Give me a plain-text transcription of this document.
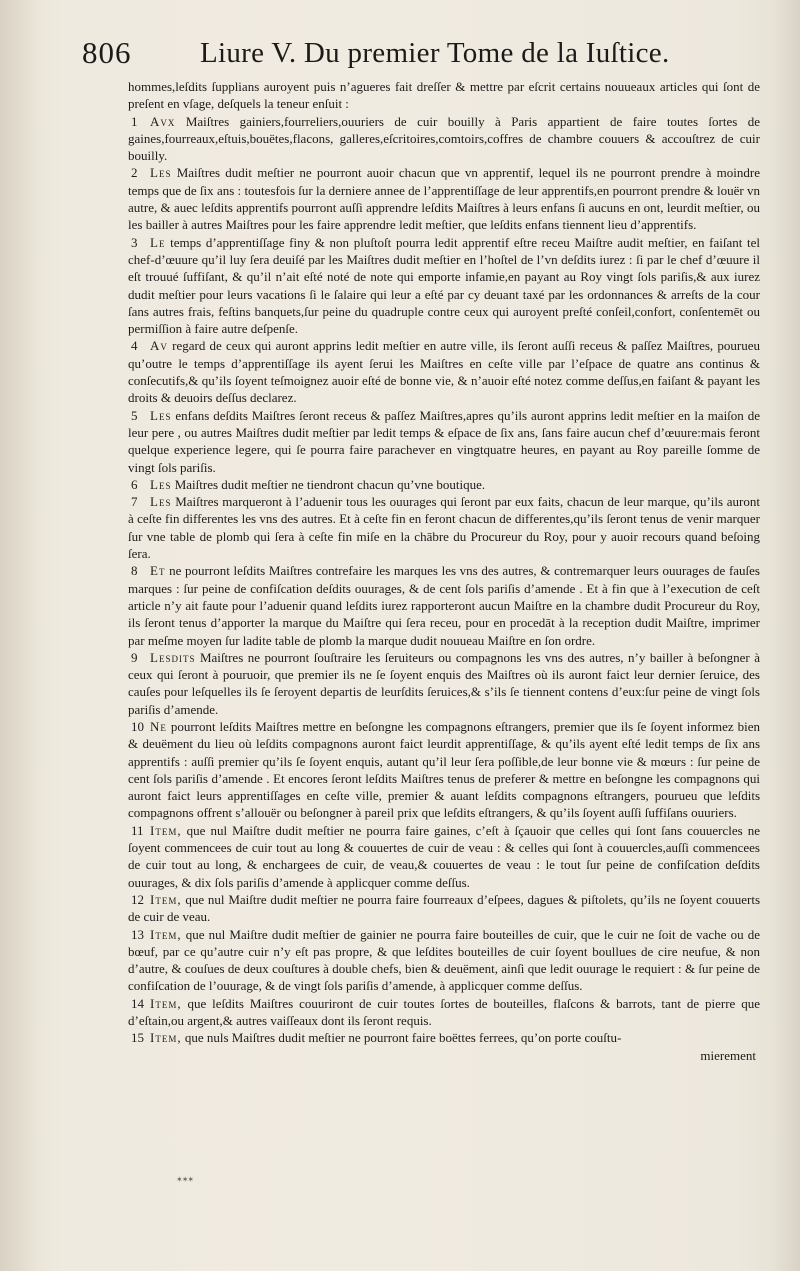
806 Liure V. Du premier Tome de la Iuſtice.

hommes,leſdits ſupplians auroyent puis n’agueres fait dreſſer & mettre par eſcrit certains nouueaux articles qui ſont de preſent en vſage, deſquels la teneur enſuit :

1 Avx Maiſtres gainiers,fourreliers,ouuriers de cuir bouilly à Paris appartient de faire toutes ſortes de gaines,fourreaux,eſtuis,bouëtes,flacons, galleres,eſcritoires,comtoirs,coffres de chambre couuers & accouſtrez de cuir bouilly.

2 Les Maiſtres dudit meſtier ne pourront auoir chacun que vn apprentif, lequel ils ne pourront prendre à moindre temps que de ſix ans : toutesfois ſur la derniere annee de l’apprentiſſage de leur apprentifs,en pourront prendre & louër vn autre, & auec leſdits apprentifs pourront auſſi apprendre leſdits Maiſtres à leurs enfans ſi aucuns en ont, leurdit meſtier, ou les bailler à autres Maiſtres pour les faire apprendre ledit meſtier, que leſdits enfans tiennent lieu d’apprentifs.

3 Le temps d’apprentiſſage finy & non pluſtoſt pourra ledit apprentif eſtre receu Maiſtre audit meſtier, en faiſant tel chef-d’œuure qu’il luy ſera deuiſé par les Maiſtres dudit meſtier en l’hoſtel de l’vn deſdits iurez : ſi par le chef d’œuure il eſt trouué ſuffiſant, & qu’il n’ait eſté noté de note qui emporte infamie,en payant au Roy vingt ſols pariſis,& aux iurez dudit meſtier pour leurs vacations ſi le ſalaire qui leur a eſté par cy deuant taxé par les ordonnances & arreſts de la cour ſans autres frais, feſtins banquets,ſur peine du quadruple contre ceux qui auroyent preſté conſeil,confort, conſentemēt ou permiſſion à faire autre deſpenſe.

4 Av regard de ceux qui auront apprins ledit meſtier en autre ville, ils ſeront auſſi receus & paſſez Maiſtres, pourueu qu’outre le temps d’apprentiſſage ils ayent ſerui les Maiſtres en ceſte ville par l’eſpace de quatre ans continus & conſecutifs,& qu’ils ſoyent teſmoignez auoir eſté de bonne vie, & n’auoir eſté notez comme deſſus,en faiſant & payant les droits & deuoirs deſſus declarez.

5 Les enfans deſdits Maiſtres ſeront receus & paſſez Maiſtres,apres qu’ils auront apprins ledit meſtier en la maiſon de leur pere , ou autres Maiſtres dudit meſtier par ledit temps & eſpace de ſix ans, ſans faire aucun chef d’œuure:mais feront quelque experience legere, qui ſe pourra faire parachever en vingtquatre heures, en payant au Roy pareille ſomme de vingt ſols pariſis.

6 Les Maiſtres dudit meſtier ne tiendront chacun qu’vne boutique.

7 Les Maiſtres marqueront à l’aduenir tous les ouurages qui ſeront par eux faits, chacun de leur marque, qu’ils auront à ceſte fin differentes les vns des autres. Et à ceſte fin en feront chacun de differentes,qu’ils ſeront tenus de venir marquer ſur vne table de plomb qui ſera à ceſte fin miſe en la chābre du Procureur du Roy, pour y auoir recours quand beſoing ſera.

8 Et ne pourront leſdits Maiſtres contrefaire les marques les vns des autres, & contremarquer leurs ouurages de fauſes marques : ſur peine de confiſcation deſdits ouurages, & de cent ſols pariſis d’amende . Et à fin que à l’execution de ceſt article n’y ait faute pour l’aduenir quand leſdits iurez rapporteront aucun Maiſtre en la chambre dudit Procureur du Roy, ils ſeront tenus d’apporter la marque du Maiſtre qui ſera receu, pour en procedāt à la reception dudit Maiſtre, imprimer par meſme moyen ſur ladite table de plomb la marque dudit nouueau Maiſtre en ſon ordre.

9 Lesdits Maiſtres ne pourront ſouſtraire les ſeruiteurs ou compagnons les vns des autres, n’y bailler à beſongner à ceux qui ſeront à pouruoir, que premier ils ne ſe ſoyent enquis des Maiſtres où ils auront faict leur dernier ſeruice, des cauſes pour leſquelles ils ſe ſeroyent departis de leurſdits ſeruices,& s’ils ſe tiennent contens d’eux:ſur peine de vingt ſols pariſis d’amende.

10 Ne pourront leſdits Maiſtres mettre en beſongne les compagnons eſtrangers, premier que ils ſe ſoyent informez bien & deuëment du lieu où leſdits compagnons auront faict leurdit apprentiſſage, & qu’ils ayent eſté ledit temps de ſix ans apprentifs : auſſi premier qu’ils ſe ſoyent enquis, autant qu’il leur ſera poſſible,de leur bonne vie & mœurs : ſur peine de cent ſols pariſis d’amende . Et encores ſeront leſdits Maiſtres tenus de preferer & mettre en beſongne les compagnons qui auront faict leurs apprentiſſages en ceſte ville, premier & auant leſdits compagnons eſtrangers, pourueu que leſdits compagnons offrent s’allouër ou beſongner à pareil prix que leſdits eſtrangers, & qu’ils ſoyent auſſi ſuffiſans ouuriers.

11 Item, que nul Maiſtre dudit meſtier ne pourra faire gaines, c’eſt à ſçauoir que celles qui ſont ſans couuercles ne ſoyent commencees de cuir tout au long & couuertes de cuir de veau : & celles qui ſont à couuercles,auſſi commencees de cuir tout au long, & enchargees de cuir, de veau,& couuertes de veau : le tout ſur peine de confiſcation deſdits ouurages, & dix ſols pariſis d’amende à applicquer comme deſſus.

12 Item, que nul Maiſtre dudit meſtier ne pourra faire fourreaux d’eſpees, dagues & piſtolets, qu’ils ne ſoyent couuerts de cuir de veau.

13 Item, que nul Maiſtre dudit meſtier de gainier ne pourra faire bouteilles de cuir, que le cuir ne ſoit de vache ou de bœuf, par ce qu’autre cuir n’y eſt pas propre, & que leſdites bouteilles de cuir ſoyent boullues de cire neufue, & non d’autre, & couſues de deux couſtures à double chefs, bien & deuëment, ainſi que ledit ouurage le requiert : & ſur peine de confiſcation de l’ouurage, & de vingt ſols pariſis d’amende, à applicquer comme deſſus.

14 Item, que leſdits Maiſtres couuriront de cuir toutes ſortes de bouteilles, flaſcons & barrots, tant de pierre que d’eſtain,ou argent,& autres vaiſſeaux dont ils ſeront requis.

15 Item, que nuls Maiſtres dudit meſtier ne pourront faire boëttes ferrees, qu’on porte couſtu-

mierement
✶✶✶
